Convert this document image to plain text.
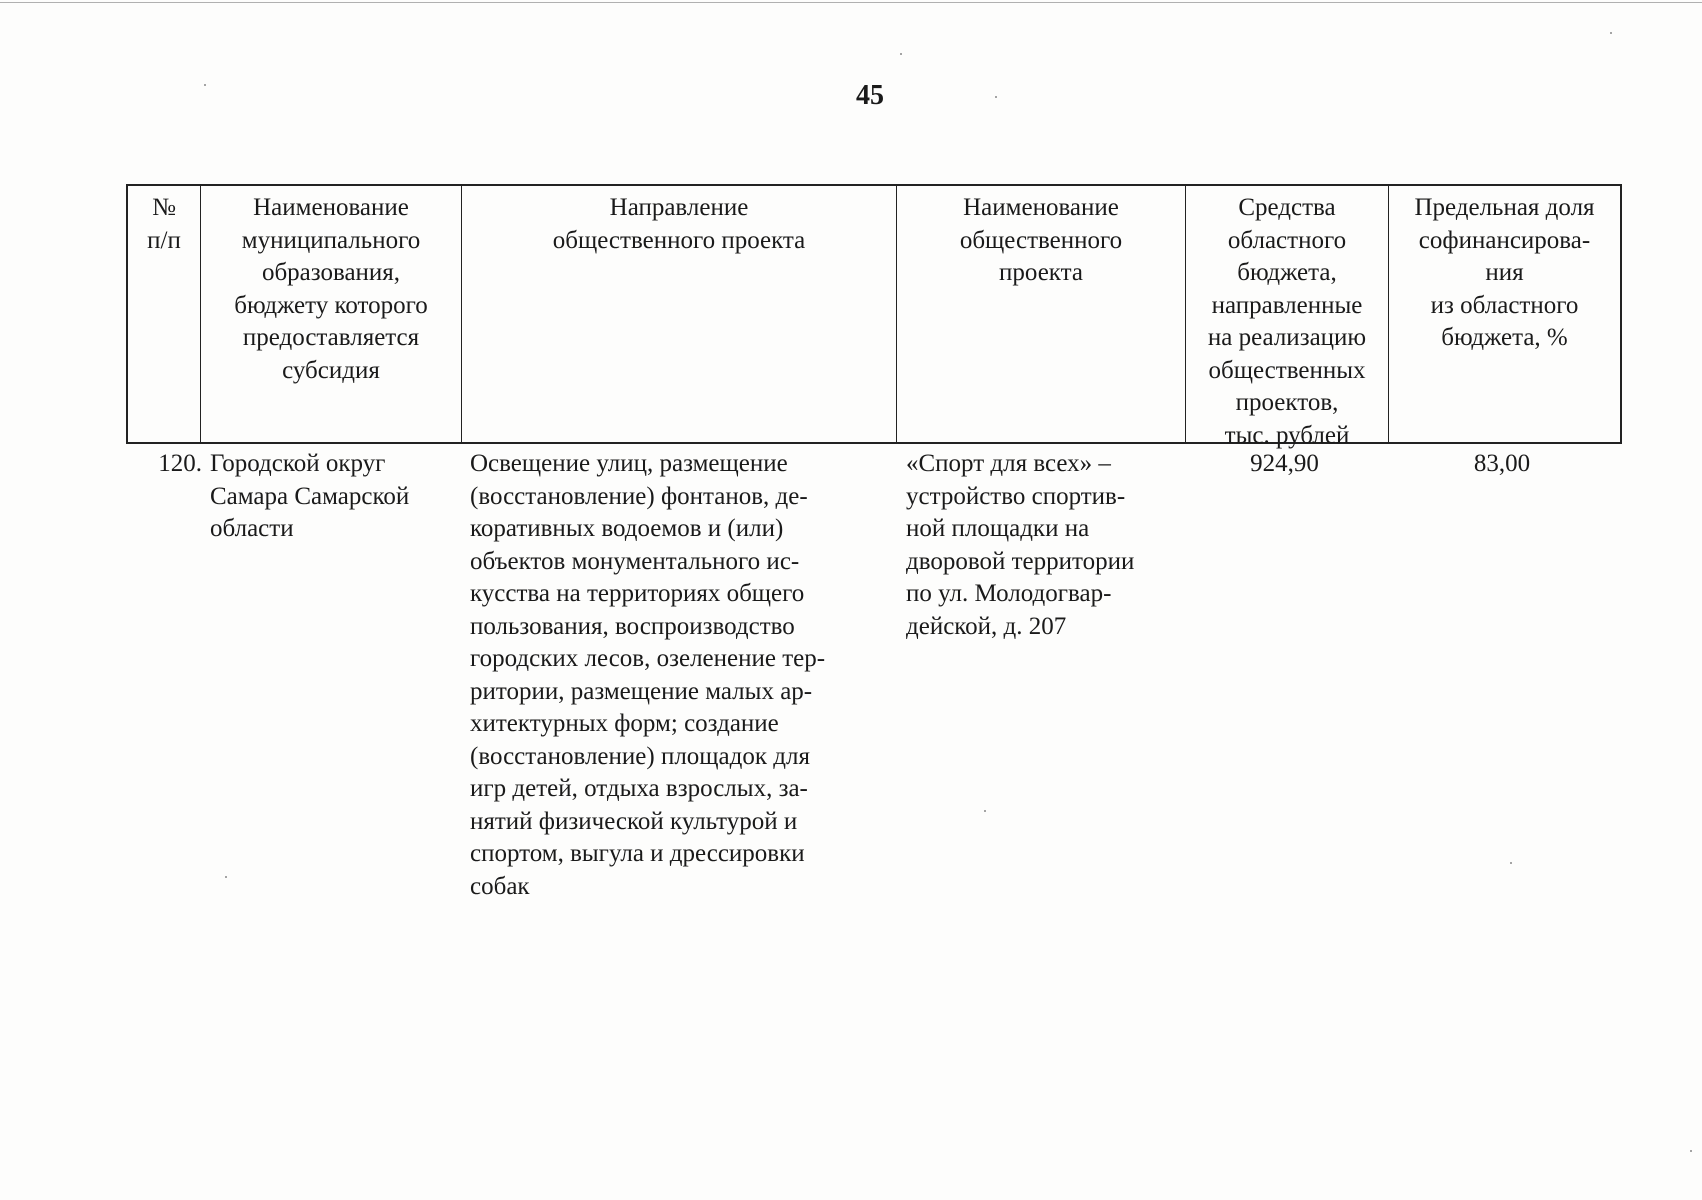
45
№
п/п
Наименование
муниципального
образования,
бюджету которого
предоставляется
субсидия
Направление
общественного проекта
Наименование
общественного
проекта
Средства
областного
бюджета,
направленные
на реализацию
общественных
проектов,
тыс. рублей
Предельная доля
софинансирова-
ния
из областного
бюджета, %
120. Городской округ
Самара Самарской
области
Освещение улиц, размещение
(восстановление) фонтанов, де-
коративных водоемов и (или)
объектов монументального ис-
кусства на территориях общего
пользования, воспроизводство
городских лесов, озеленение тер-
ритории, размещение малых ар-
хитектурных форм; создание
(восстановление) площадок для
игр детей, отдыха взрослых, за-
нятий физической культурой и
спортом, выгула и дрессировки
собак
«Спорт для всех» –
устройство спортив-
ной площадки на
дворовой территории
по ул. Молодогвар-
дейской, д. 207
924,90	83,00
